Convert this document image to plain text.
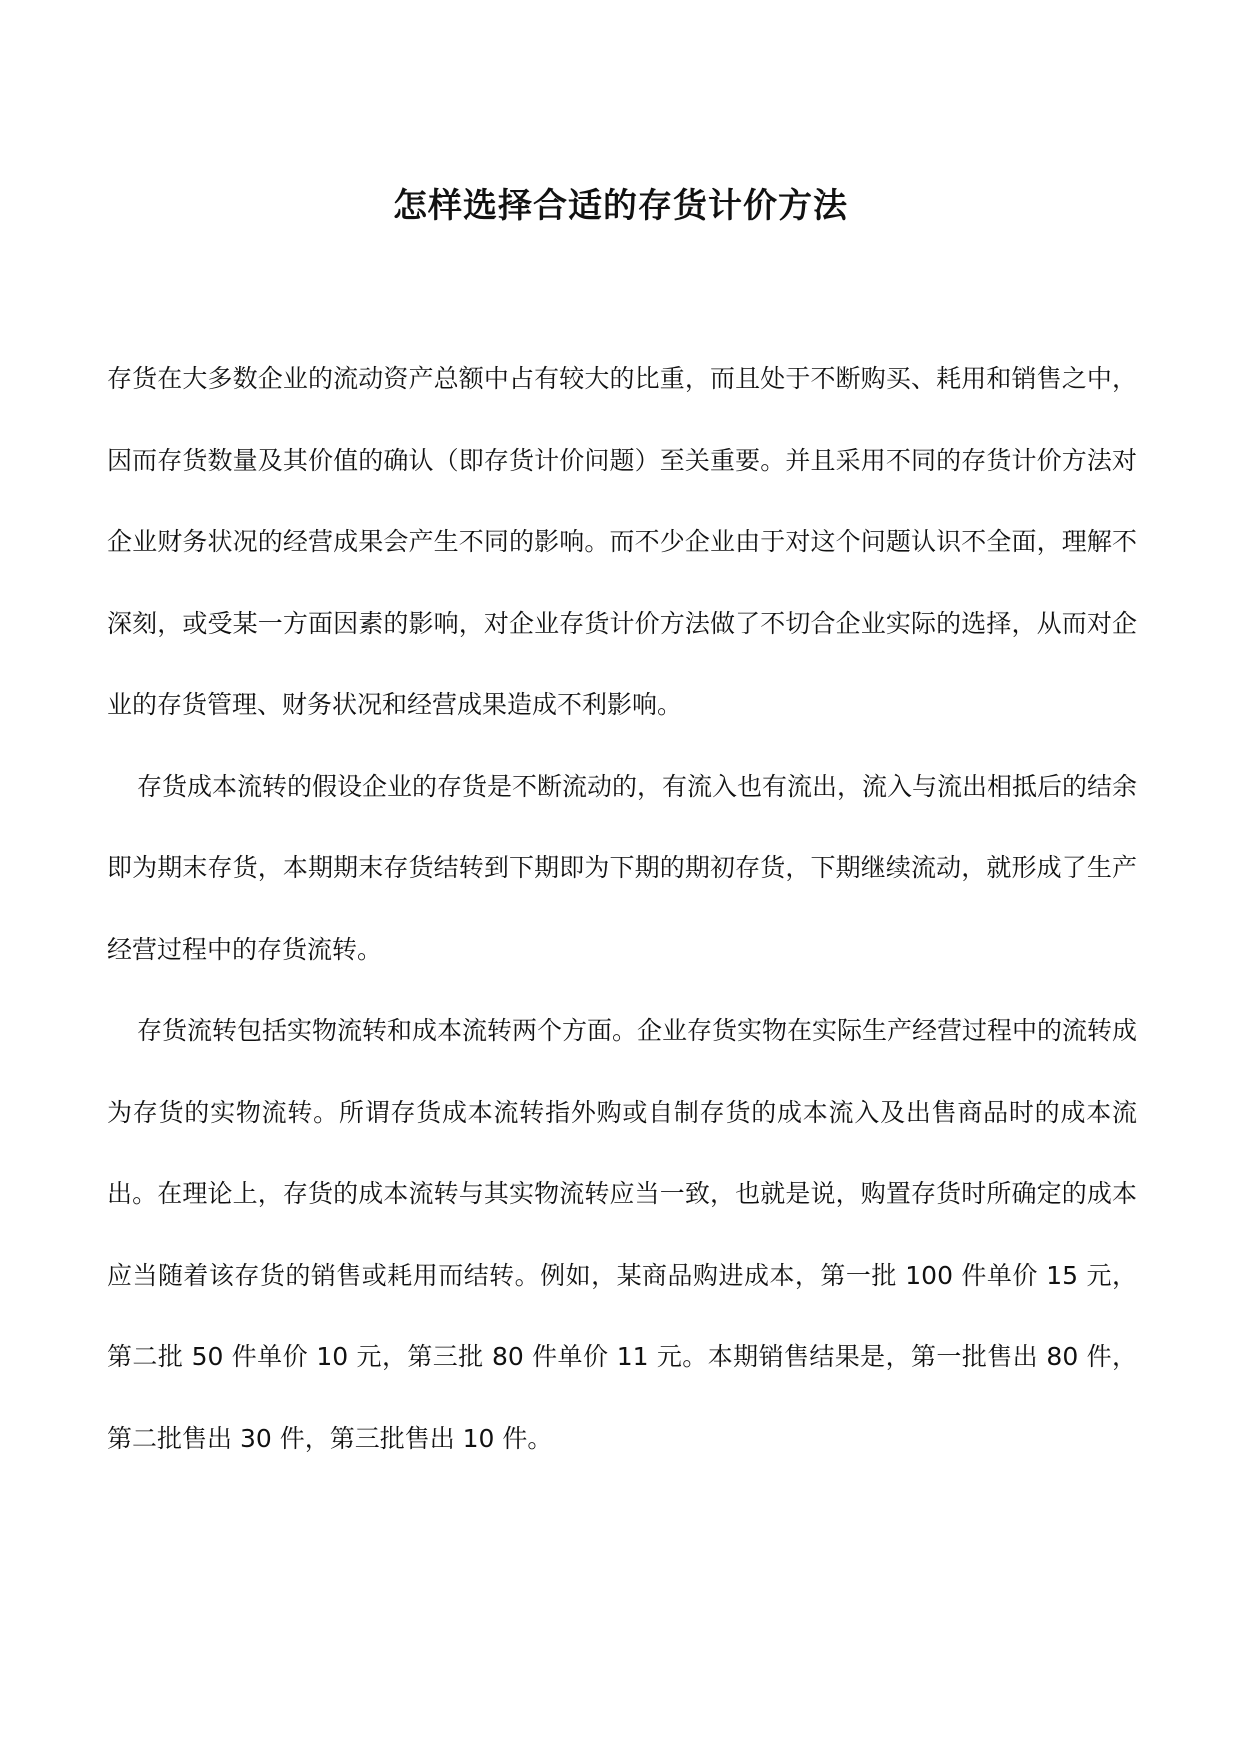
怎样选择合适的存货计价方法

存货在大多数企业的流动资产总额中占有较大的比重，而且处于不断购买、耗用和销售之中，因而存货数量及其价值的确认（即存货计价问题）至关重要。并且采用不同的存货计价方法对企业财务状况的经营成果会产生不同的影响。而不少企业由于对这个问题认识不全面，理解不深刻，或受某一方面因素的影响，对企业存货计价方法做了不切合企业实际的选择，从而对企业的存货管理、财务状况和经营成果造成不利影响。

存货成本流转的假设企业的存货是不断流动的，有流入也有流出，流入与流出相抵后的结余即为期末存货，本期期末存货结转到下期即为下期的期初存货，下期继续流动，就形成了生产经营过程中的存货流转。

存货流转包括实物流转和成本流转两个方面。企业存货实物在实际生产经营过程中的流转成为存货的实物流转。所谓存货成本流转指外购或自制存货的成本流入及出售商品时的成本流出。在理论上，存货的成本流转与其实物流转应当一致，也就是说，购置存货时所确定的成本应当随着该存货的销售或耗用而结转。例如，某商品购进成本，第一批 100 件单价 15 元，第二批 50 件单价 10 元，第三批 80 件单价 11 元。本期销售结果是，第一批售出 80 件，第二批售出 30 件，第三批售出 10 件。
